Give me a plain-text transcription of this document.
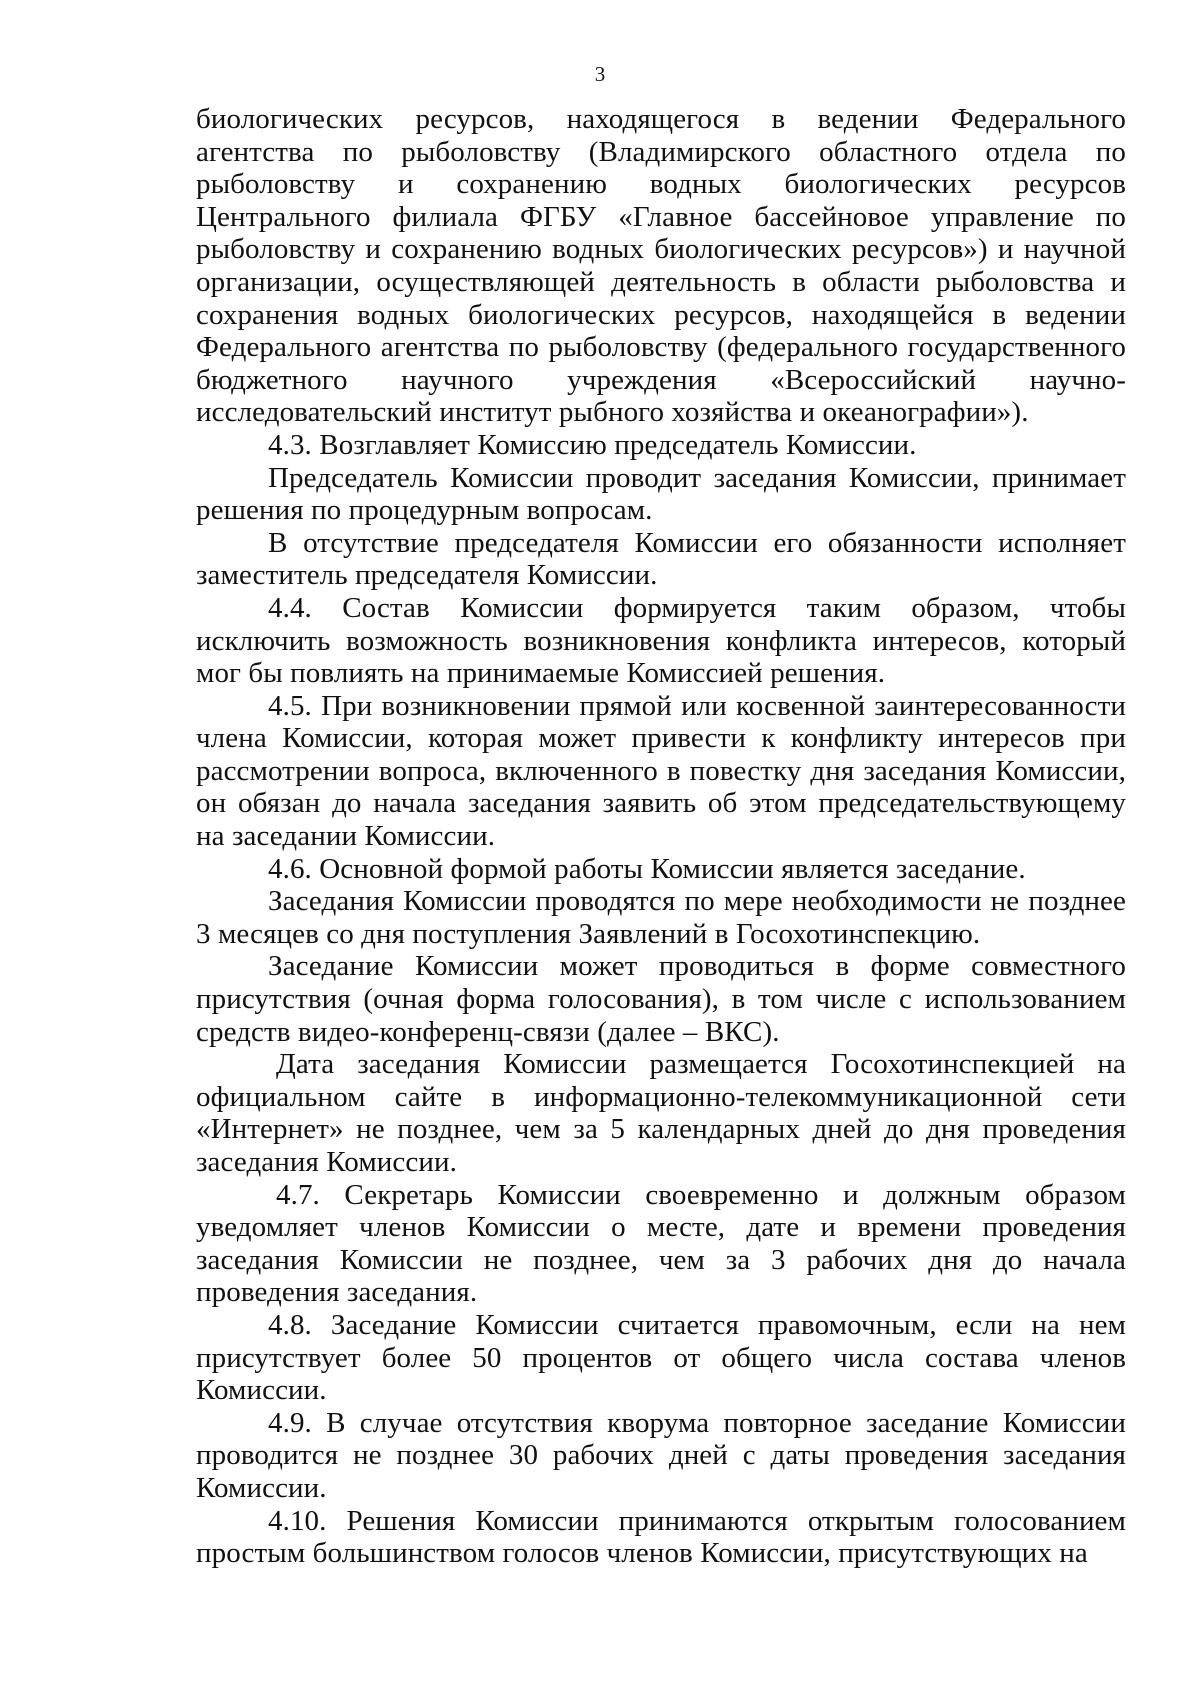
3

биологических ресурсов, находящегося в ведении Федерального агентства по рыболовству (Владимирского областного отдела по рыболовству и сохранению водных биологических ресурсов Центрального филиала ФГБУ «Главное бассейновое управление по рыболовству и сохранению водных биологических ресурсов») и научной организации, осуществляющей деятельность в области рыболовства и сохранения водных биологических ресурсов, находящейся в ведении Федерального агентства по рыболовству (федерального государственного бюджетного научного учреждения «Всероссийский научно-исследовательский институт рыбного хозяйства и океанографии»).

4.3. Возглавляет Комиссию председатель Комиссии.

Председатель Комиссии проводит заседания Комиссии, принимает решения по процедурным вопросам.

В отсутствие председателя Комиссии его обязанности исполняет заместитель председателя Комиссии.

4.4. Состав Комиссии формируется таким образом, чтобы исключить возможность возникновения конфликта интересов, который мог бы повлиять на принимаемые Комиссией решения.

4.5. При возникновении прямой или косвенной заинтересованности члена Комиссии, которая может привести к конфликту интересов при рассмотрении вопроса, включенного в повестку дня заседания Комиссии, он обязан до начала заседания заявить об этом председательствующему на заседании Комиссии.

4.6. Основной формой работы Комиссии является заседание.

Заседания Комиссии проводятся по мере необходимости не позднее 3 месяцев со дня поступления Заявлений в Госохотинспекцию.

Заседание Комиссии может проводиться в форме совместного присутствия (очная форма голосования), в том числе с использованием средств видео-конференц-связи (далее – ВКС).

Дата заседания Комиссии размещается Госохотинспекцией на официальном сайте в информационно-телекоммуникационной сети «Интернет» не позднее, чем за 5 календарных дней до дня проведения заседания Комиссии.

4.7. Секретарь Комиссии своевременно и должным образом уведомляет членов Комиссии о месте, дате и времени проведения заседания Комиссии не позднее, чем за 3 рабочих дня до начала проведения заседания.

4.8. Заседание Комиссии считается правомочным, если на нем присутствует более 50 процентов от общего числа состава членов Комиссии.

4.9. В случае отсутствия кворума повторное заседание Комиссии проводится не позднее 30 рабочих дней с даты проведения заседания Комиссии.

4.10. Решения Комиссии принимаются открытым голосованием простым большинством голосов членов Комиссии, присутствующих на
